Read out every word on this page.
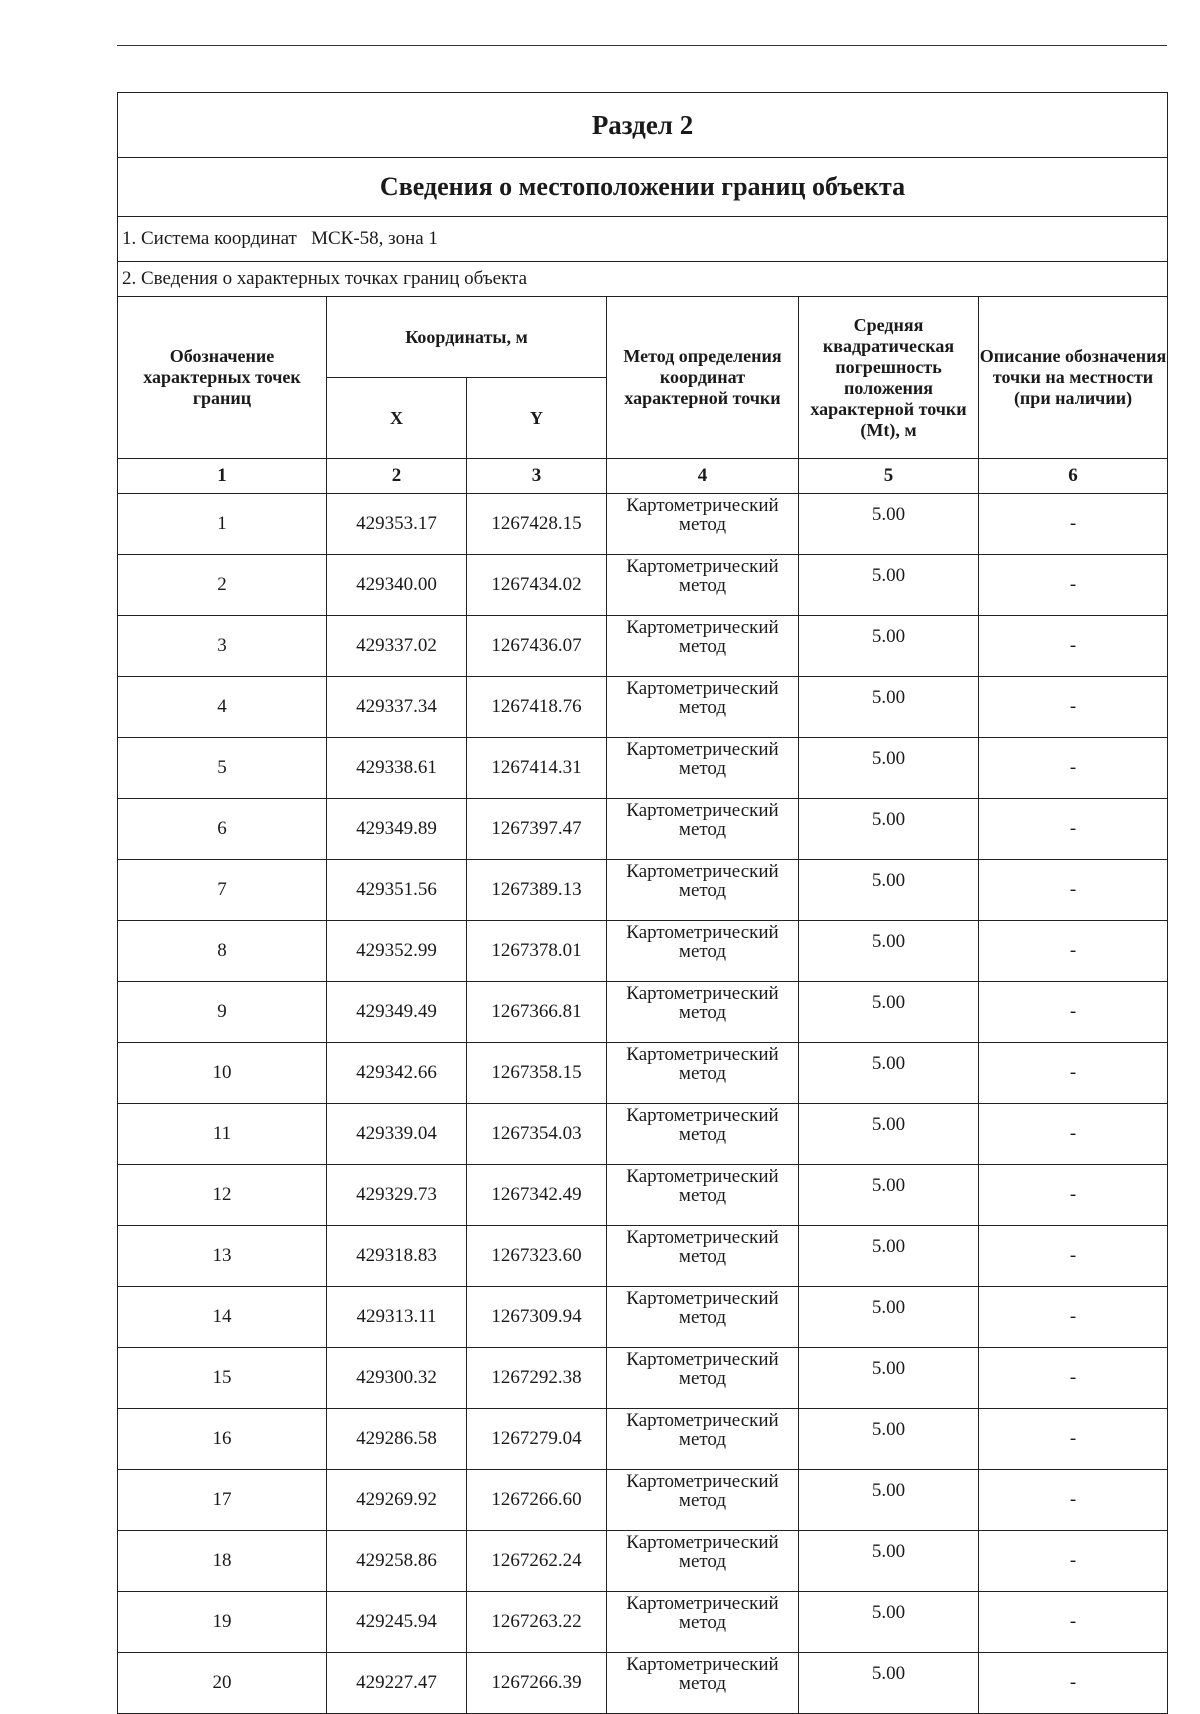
Раздел 2					
Сведения о местоположении границ объекта					
1. Система координат МСК-58, зона 1					
2. Сведения о характерных точках границ объекта					
Обозначение характерных точек границ	Координаты, м		Метод определения координат характерной точки	Средняя квадратическая погрешность положения характерной точки (Mt), м	Описание обозначения точки на местности (при наличии)
	X	Y			
1	2	3	4	5	6
1	429353.17	1267428.15	Картометрический метод	5.00	-
2	429340.00	1267434.02	Картометрический метод	5.00	-
3	429337.02	1267436.07	Картометрический метод	5.00	-
4	429337.34	1267418.76	Картометрический метод	5.00	-
5	429338.61	1267414.31	Картометрический метод	5.00	-
6	429349.89	1267397.47	Картометрический метод	5.00	-
7	429351.56	1267389.13	Картометрический метод	5.00	-
8	429352.99	1267378.01	Картометрический метод	5.00	-
9	429349.49	1267366.81	Картометрический метод	5.00	-
10	429342.66	1267358.15	Картометрический метод	5.00	-
11	429339.04	1267354.03	Картометрический метод	5.00	-
12	429329.73	1267342.49	Картометрический метод	5.00	-
13	429318.83	1267323.60	Картометрический метод	5.00	-
14	429313.11	1267309.94	Картометрический метод	5.00	-
15	429300.32	1267292.38	Картометрический метод	5.00	-
16	429286.58	1267279.04	Картометрический метод	5.00	-
17	429269.92	1267266.60	Картометрический метод	5.00	-
18	429258.86	1267262.24	Картометрический метод	5.00	-
19	429245.94	1267263.22	Картометрический метод	5.00	-
20	429227.47	1267266.39	Картометрический метод	5.00	-
